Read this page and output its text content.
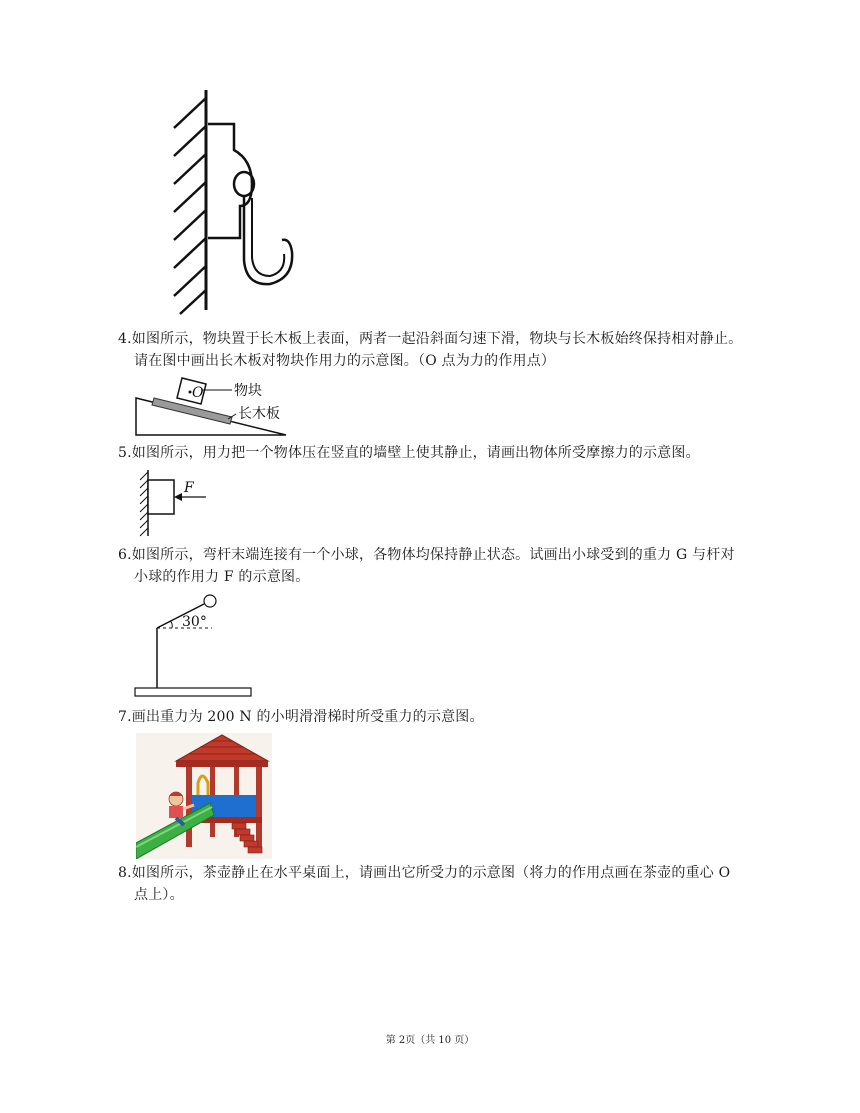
4.如图所示，物块置于长木板上表面，两者一起沿斜面匀速下滑，物块与长木板始终保持相对静止。
请在图中画出长木板对物块作用力的示意图。（O 点为力的作用点）
O 物块
长木板
5.如图所示，用力把一个物体压在竖直的墙壁上使其静止，请画出物体所受摩擦力的示意图。
F
6.如图所示，弯杆末端连接有一个小球，各物体均保持静止状态。试画出小球受到的重力 G 与杆对
小球的作用力 F 的示意图。
30°
7.画出重力为 200 N 的小明滑滑梯时所受重力的示意图。
8.如图所示，茶壶静止在水平桌面上，请画出它所受力的示意图（将力的作用点画在茶壶的重心 O
点上）。
第 2页（共 10 页）
